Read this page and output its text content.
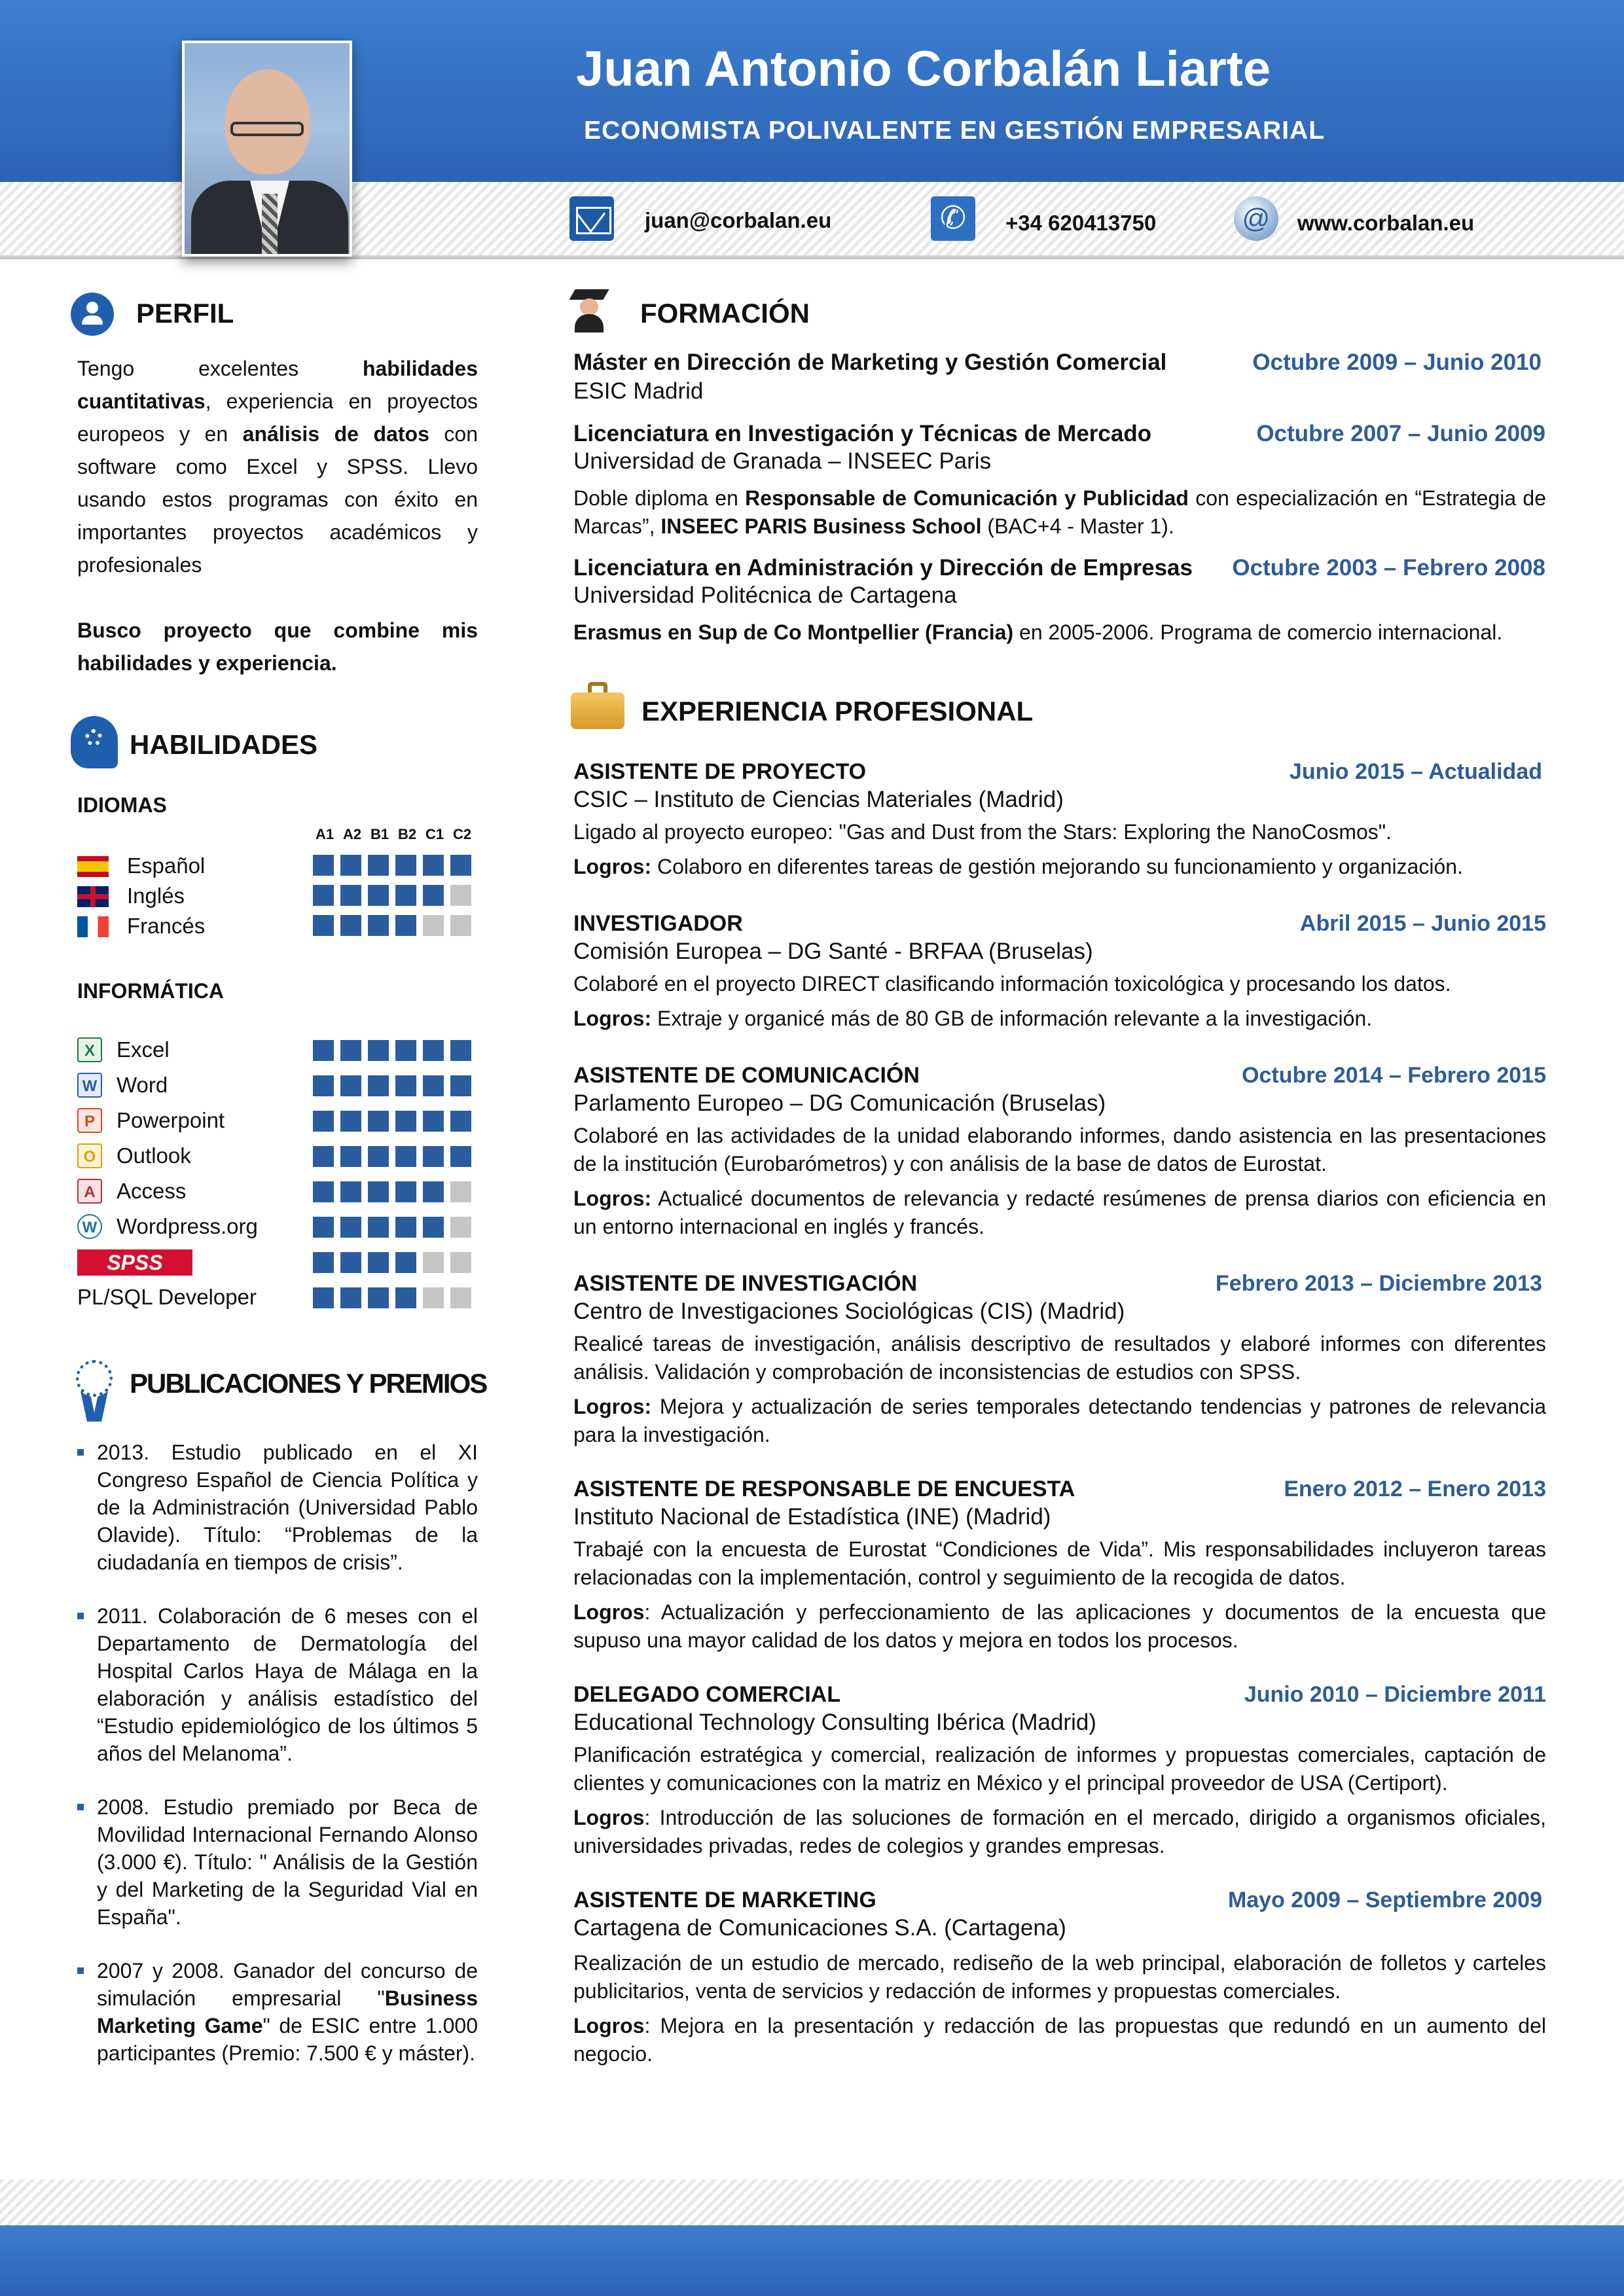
Juan Antonio Corbalán Liarte
ECONOMISTA POLIVALENTE EN GESTIÓN EMPRESARIAL
juan@corbalan.eu	✆	+34 620413750	@	www.corbalan.eu
PERFIL
Tengo excelentes habilidades cuantitativas, experiencia en proyectos europeos y en análisis de datos con software como Excel y SPSS. Llevo usando estos programas con éxito en importantes proyectos académicos y profesionales
Busco proyecto que combine mis habilidades y experiencia.
HABILIDADES
IDIOMAS
A1 A2 B1 B2 C1 C2
Español
Inglés
Francés
INFORMÁTICA
X	Excel
W Word
P	Powerpoint
O Outlook
A Access
W Wordpress.org
SPSS
PL/SQL Developer
PUBLICACIONES Y PREMIOS
2013. Estudio publicado en el XI Congreso Español de Ciencia Política y de la Administración (Universidad Pablo Olavide). Título: “Problemas de la ciudadanía en tiempos de crisis”.
2011. Colaboración de 6 meses con el Departamento de Dermatología del Hospital Carlos Haya de Málaga en la elaboración y análisis estadístico del “Estudio epidemiológico de los últimos 5 años del Melanoma”.
2008. Estudio premiado por Beca de Movilidad Internacional Fernando Alonso (3.000 €). Título: " Análisis de la Gestión y del Marketing de la Seguridad Vial en España".
2007 y 2008. Ganador del concurso de simulación empresarial "Business Marketing Game" de ESIC entre 1.000 participantes (Premio: 7.500 € y máster).
FORMACIÓN
Máster en Dirección de Marketing y Gestión Comercial	Octubre 2009 – Junio 2010
ESIC Madrid
Licenciatura en Investigación y Técnicas de Mercado	Octubre 2007 – Junio 2009
Universidad de Granada – INSEEC Paris
Doble diploma en Responsable de Comunicación y Publicidad con especialización en “Estrategia de Marcas”, INSEEC PARIS Business School (BAC+4 - Master 1).
Licenciatura en Administración y Dirección de Empresas Octubre 2003 – Febrero 2008
Universidad Politécnica de Cartagena
Erasmus en Sup de Co Montpellier (Francia) en 2005-2006. Programa de comercio internacional.
EXPERIENCIA PROFESIONAL
ASISTENTE DE PROYECTO	Junio 2015 – Actualidad
CSIC – Instituto de Ciencias Materiales (Madrid)
Ligado al proyecto europeo: "Gas and Dust from the Stars: Exploring the NanoCosmos".
Logros: Colaboro en diferentes tareas de gestión mejorando su funcionamiento y organización.
INVESTIGADOR	Abril 2015 – Junio 2015
Comisión Europea – DG Santé - BRFAA (Bruselas)
Colaboré en el proyecto DIRECT clasificando información toxicológica y procesando los datos.
Logros: Extraje y organicé más de 80 GB de información relevante a la investigación.
ASISTENTE DE COMUNICACIÓN	Octubre 2014 – Febrero 2015
Parlamento Europeo – DG Comunicación (Bruselas)
Colaboré en las actividades de la unidad elaborando informes, dando asistencia en las presentaciones de la institución (Eurobarómetros) y con análisis de la base de datos de Eurostat.
Logros: Actualicé documentos de relevancia y redacté resúmenes de prensa diarios con eficiencia en un entorno internacional en inglés y francés.
ASISTENTE DE INVESTIGACIÓN	Febrero 2013 – Diciembre 2013
Centro de Investigaciones Sociológicas (CIS) (Madrid)
Realicé tareas de investigación, análisis descriptivo de resultados y elaboré informes con diferentes análisis. Validación y comprobación de inconsistencias de estudios con SPSS.
Logros: Mejora y actualización de series temporales detectando tendencias y patrones de relevancia para la investigación.
ASISTENTE DE RESPONSABLE DE ENCUESTA	Enero 2012 – Enero 2013
Instituto Nacional de Estadística (INE) (Madrid)
Trabajé con la encuesta de Eurostat “Condiciones de Vida”. Mis responsabilidades incluyeron tareas relacionadas con la implementación, control y seguimiento de la recogida de datos.
Logros: Actualización y perfeccionamiento de las aplicaciones y documentos de la encuesta que supuso una mayor calidad de los datos y mejora en todos los procesos.
DELEGADO COMERCIAL	Junio 2010 – Diciembre 2011
Educational Technology Consulting Ibérica (Madrid)
Planificación estratégica y comercial, realización de informes y propuestas comerciales, captación de clientes y comunicaciones con la matriz en México y el principal proveedor de USA (Certiport).
Logros: Introducción de las soluciones de formación en el mercado, dirigido a organismos oficiales, universidades privadas, redes de colegios y grandes empresas.
ASISTENTE DE MARKETING	Mayo 2009 – Septiembre 2009
Cartagena de Comunicaciones S.A. (Cartagena)
Realización de un estudio de mercado, rediseño de la web principal, elaboración de folletos y carteles publicitarios, venta de servicios y redacción de informes y propuestas comerciales.
Logros: Mejora en la presentación y redacción de las propuestas que redundó en un aumento del negocio.
